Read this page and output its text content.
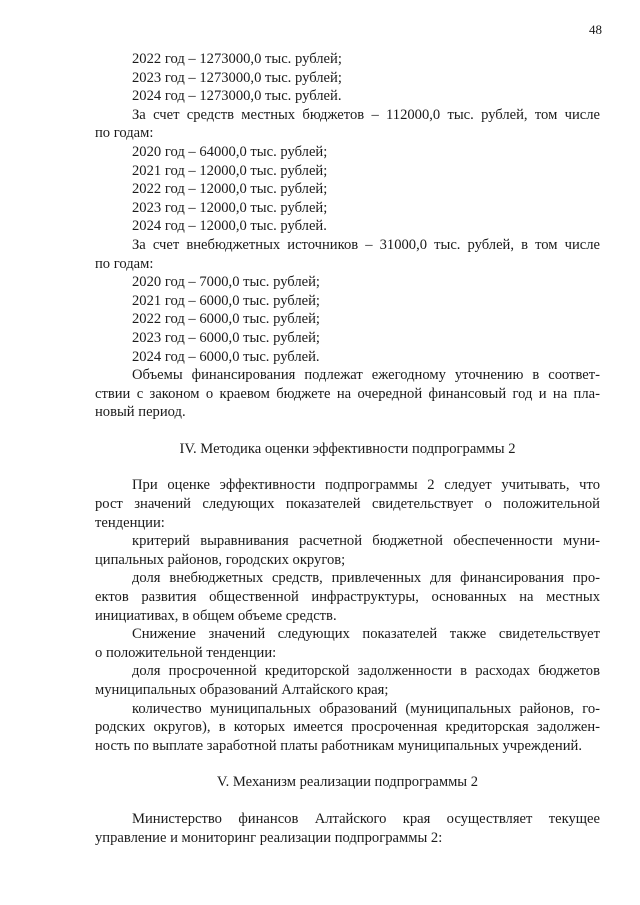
48
2022 год – 1273000,0 тыс. рублей;
2023 год – 1273000,0 тыс. рублей;
2024 год – 1273000,0 тыс. рублей.
За счет средств местных бюджетов – 112000,0 тыс. рублей, том числе
по годам:
2020 год – 64000,0 тыс. рублей;
2021 год – 12000,0 тыс. рублей;
2022 год – 12000,0 тыс. рублей;
2023 год – 12000,0 тыс. рублей;
2024 год – 12000,0 тыс. рублей.
За счет внебюджетных источников – 31000,0 тыс. рублей, в том числе
по годам:
2020 год – 7000,0 тыс. рублей;
2021 год – 6000,0 тыс. рублей;
2022 год – 6000,0 тыс. рублей;
2023 год – 6000,0 тыс. рублей;
2024 год – 6000,0 тыс. рублей.
Объемы финансирования подлежат ежегодному уточнению в соответ-
ствии с законом о краевом бюджете на очередной финансовый год и на пла-
новый период.
IV. Методика оценки эффективности подпрограммы 2
При оценке эффективности подпрограммы 2 следует учитывать, что
рост значений следующих показателей свидетельствует о положительной
тенденции:
критерий выравнивания расчетной бюджетной обеспеченности муни-
ципальных районов, городских округов;
доля внебюджетных средств, привлеченных для финансирования про-
ектов развития общественной инфраструктуры, основанных на местных
инициативах, в общем объеме средств.
Снижение значений следующих показателей также свидетельствует
о положительной тенденции:
доля просроченной кредиторской задолженности в расходах бюджетов
муниципальных образований Алтайского края;
количество муниципальных образований (муниципальных районов, го-
родских округов), в которых имеется просроченная кредиторская задолжен-
ность по выплате заработной платы работникам муниципальных учреждений.
V. Механизм реализации подпрограммы 2
Министерство финансов Алтайского края осуществляет текущее
управление и мониторинг реализации подпрограммы 2:
